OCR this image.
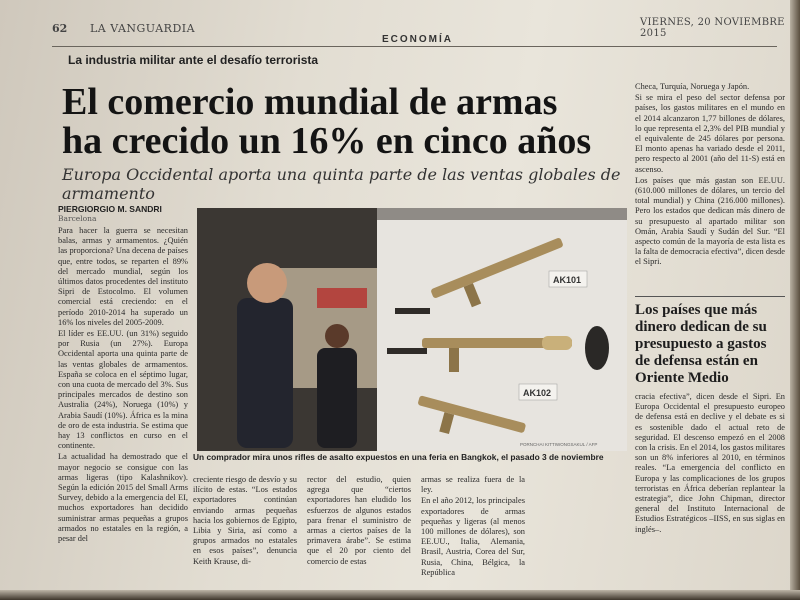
62 LA VANGUARDIA
ECONOMÍA
VIERNES, 20 NOVIEMBRE 2015
La industria militar ante el desafío terrorista
El comercio mundial de armas
ha crecido un 16% en cinco años
Europa Occidental aporta una quinta parte de las ventas globales de armamento
PIERGIORGIO M. SANDRI
Barcelona

Para hacer la guerra se necesitan balas, armas y armamentos. ¿Quién las proporciona? Una decena de países que, entre todos, se reparten el 89% del mercado mundial, según los últimos datos procedentes del instituto Sipri de Estocolmo. El volumen comercial está creciendo: en el período 2010-2014 ha superado un 16% los niveles del 2005-2009.

El líder es EE.UU. (un 31%) seguido por Rusia (un 27%). Europa Occidental aporta una quinta parte de las ventas globales de armamentos. España se coloca en el séptimo lugar, con una cuota de mercado del 3%. Sus principales mercados de destino son Australia (24%), Noruega (10%) y Arabia Saudí (10%). África es la mina de oro de esta industria. Se estima que hay 13 conflictos en curso en el continente.

La actualidad ha demostrado que el mayor negocio se consigue con las armas ligeras (tipo Kalashnikov). Según la edición 2015 del Small Arms Survey, debido a la emergencia del EI, muchos exportadores han decidido suministrar armas pequeñas a grupos armados no estatales en la región, a pesar del

AK101
AK102
PORNCHAI KITTIWONGSAKUL / AFP
Un comprador mira unos rifles de asalto expuestos en una feria en Bangkok, el pasado 3 de noviembre

creciente riesgo de desvío y su ilícito de estas. “Los estados exportadores continúan enviando armas pequeñas hacia los gobiernos de Egipto, Libia y Siria, así como a grupos armados no estatales en esos países”, denuncia Keith Krause, di-

rector del estudio, quien agrega que “ciertos exportadores han eludido los esfuerzos de algunos estados para frenar el suministro de armas a ciertos países de la primavera árabe”. Se estima que el 20 por ciento del comercio de estas

armas se realiza fuera de la ley.

En el año 2012, los principales exportadores de armas pequeñas y ligeras (al menos 100 millones de dólares), son EE.UU., Italia, Alemania, Brasil, Austria, Corea del Sur, Rusia, China, Bélgica, la República

Checa, Turquía, Noruega y Japón.

Si se mira el peso del sector defensa por países, los gastos militares en el mundo en el 2014 alcanzaron 1,77 billones de dólares, lo que representa el 2,3% del PIB mundial y el equivalente de 245 dólares por persona. El monto apenas ha variado desde el 2011, pero respecto al 2001 (año del 11-S) está en ascenso.

Los países que más gastan son EE.UU. (610.000 millones de dólares, un tercio del total mundial) y China (216.000 millones). Pero los estados que dedican más dinero de su presupuesto al apartado militar son Omán, Arabia Saudí y Sudán del Sur. “El aspecto común de la mayoría de esta lista es la falta de democracia efectiva”, dicen desde el Sipri.

Los países que más dinero dedican de su presupuesto a gastos de defensa están en Oriente Medio

cracia efectiva”, dicen desde el Sipri. En Europa Occidental el presupuesto europeo de defensa está en declive y el debate es si es sostenible dado el actual reto de seguridad. El descenso empezó en el 2008 con la crisis. En el 2014, los gastos militares son un 8% inferiores al 2010, en términos reales. “La emergencia del conflicto en Europa y las complicaciones de los grupos terroristas en África deberían replantear la estrategia”, dice John Chipman, director general del Instituto Internacional de Estudios Estratégicos –IISS, en sus siglas en inglés–.
